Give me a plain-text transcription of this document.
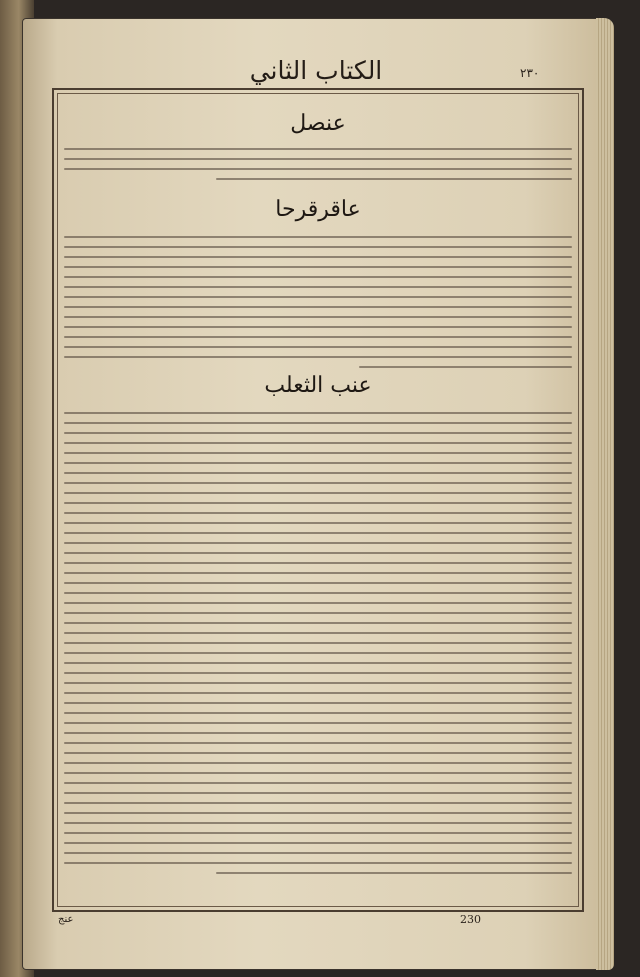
الكتاب الثاني	٢٣٠
عنصل
عاقرقرحا
عنب الثعلب
عنج	230
